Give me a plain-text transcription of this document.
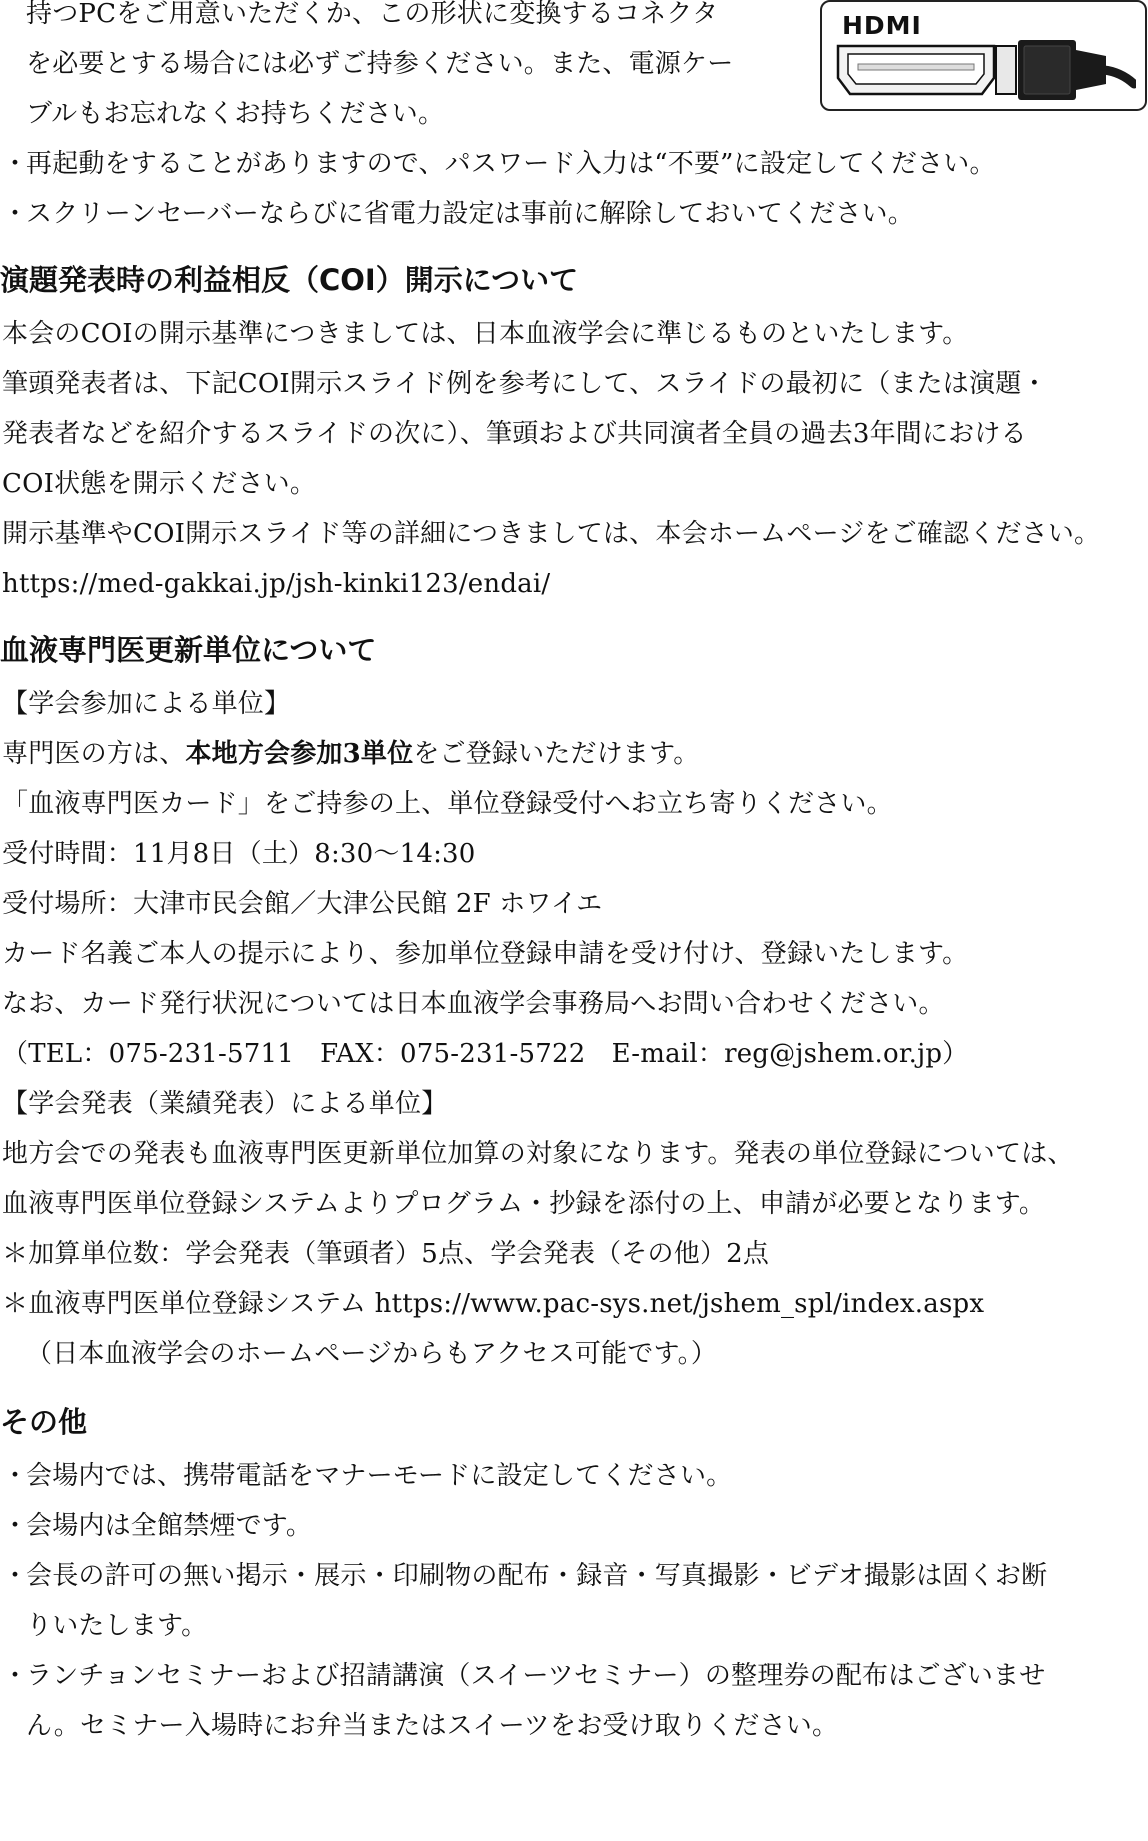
持つPCをご用意いただくか、この形状に変換するコネクタ
を必要とする場合には必ずご持参ください。また、電源ケー
ブルもお忘れなくお持ちください。
・再起動をすることがありますので、パスワード入力は“不要”に設定してください。
・スクリーンセーバーならびに省電力設定は事前に解除しておいてください。
HDMI
演題発表時の利益相反（COI）開示について
本会のCOIの開示基準につきましては、日本血液学会に準じるものといたします。
筆頭発表者は、下記COI開示スライド例を参考にして、スライドの最初に（または演題・
発表者などを紹介するスライドの次に）、筆頭および共同演者全員の過去3年間における
COI状態を開示ください。
開示基準やCOI開示スライド等の詳細につきましては、本会ホームページをご確認ください。
https://med-gakkai.jp/jsh-kinki123/endai/
血液専門医更新単位について
【学会参加による単位】
専門医の方は、本地方会参加3単位をご登録いただけます。
「血液専門医カード」をご持参の上、単位登録受付へお立ち寄りください。
受付時間：11月8日（土）8:30～14:30
受付場所：大津市民会館／大津公民館 2F ホワイエ
カード名義ご本人の提示により、参加単位登録申請を受け付け、登録いたします。
なお、カード発行状況については日本血液学会事務局へお問い合わせください。
（TEL：075-231-5711　FAX：075-231-5722　E-mail：reg@jshem.or.jp）
【学会発表（業績発表）による単位】
地方会での発表も血液専門医更新単位加算の対象になります。発表の単位登録については、
血液専門医単位登録システムよりプログラム・抄録を添付の上、申請が必要となります。
＊加算単位数：学会発表（筆頭者）5点、学会発表（その他）2点
＊血液専門医単位登録システム https://www.pac-sys.net/jshem_spl/index.aspx
（日本血液学会のホームページからもアクセス可能です。）
その他
・会場内では、携帯電話をマナーモードに設定してください。
・会場内は全館禁煙です。
・会長の許可の無い掲示・展示・印刷物の配布・録音・写真撮影・ビデオ撮影は固くお断
りいたします。
・ランチョンセミナーおよび招請講演（スイーツセミナー）の整理券の配布はございませ
ん。セミナー入場時にお弁当またはスイーツをお受け取りください。
